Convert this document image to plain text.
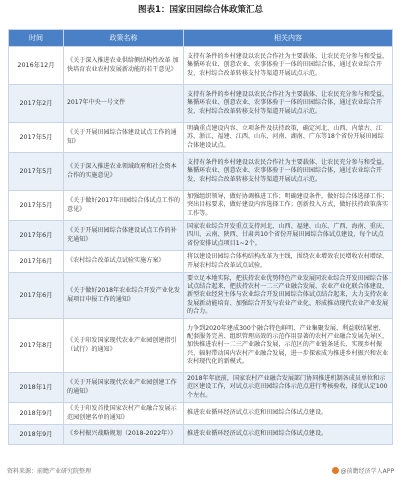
图表1：国家田园综合体政策汇总
时间	政策名称	相关内容
2016年12月	《关于深入推进农业供给侧结构性改革 加快培育农业农村发展新动能的若干意见》	支持有条件的乡村建设以农民合作社为主要载体、让农民充分参与和受益，集循环农业、创意农业、农事体验于一体的田园综合体，通过农业综合开发、农村综合改革转移支付等渠道开展试点示范。
2017年2月	2017年中央一号文件	支持有条件的乡村建设以农民合作社为主要载体、让农民充分参与和受益，集循环农业、创意农业、农事体验于一体的田园综合体，通过农业综合开发、农村综合改革转移支付等渠道开展试点示范。
2017年5月	《关于开展田园综合体建设试点工作的通知》	明确重点建设内容、立项条件及扶持政策，确定河北、山西、内蒙古、江苏、浙江、福建、江西、山东、河南、湖南、广东等18个省份开展田园综合体建设试点。
2017年5月	《关于深入推进农业领域政府和社会资本合作的实施意见》	支持有条件的乡村建设以农民合作社为主要载体、让农民充分参与和受益，集循环农业、创意农业、农事体验于一体的田园综合体，通过农业综合开发、农村综合改革转移支付等渠道开展试点示范。
2017年5月	《关于做好2017年田园综合体试点工作的意见》	加强组织领导，做好协调推进工作；明确建设条件，做好综合体选择工作；突出目标要求，做好建设内容选择工作；创新投入方式，做好扶持政策落实工作等。
2017年6月	《关于开展田园综合体建设试点工作的补充通知》	国家农业综合开发重点支持河北、山西、福建、山东、广西、海南、重庆、四川、云南、陕西、甘肃共10个省份开展田园综合体试点建设，每个试点省份安排试点项目1~2个。
2017年6月	《农村综合改革试点试验实施方案》	将以建设田园综合体构结构改革为主线，围绕农业增效农民增收农村增绿，开展农村综合改革试点试验。
2017年6月	《关于做好2018年农业综合开发产业化发展项目申报工作的通知》	要立足本地实际，把扶持农业优势特色产业发展同农业综合开发田园综合体试点结合起来，把扶持农村一二三产业融合发展、农业产业化联合体建设、新型农业经营主体与农业综合开发田园综合体试点结合起来，大力支持农业发展新动能培育、加强综合开发与农业产业化、形成推动现代农业产业发展的合力。
2017年8月	《关于印发国家现代农业产业园创建指引（试行）的通知》	力争到2020年建成300个融合特色鲜明、产业集聚发展、利益联结紧密、配套服务完善、组织管理高效的示范作用显著的农村产业融合发展先导区，加快推进农村一二三产业融合发展，示范区的产业链条延长、实现乡村振兴，辐射带动国内农村产业融合发展，进一步探索成为推进乡村振兴和农业农村现代化的新模式。
2018年1月	《关于开展国家现代农业产业园创建工作的通知》	2018年年底前，国家农村产业融合发展部门协同推进机制各成员单位和示范区建设工作，对试点示范田园综合体示范点进行考核验收，择优认定100个左右。
2018年9月	《关于印发首批国家农村产业融合发展示范园创建名单的通知》	推进农业循环经济试点示范和田园综合体试点建设。
2018年9月	《乡村振兴战略规划（2018-2022年）》	推进农业循环经济试点示范和田园综合体试点建设。
资料来源：前瞻产业研究院整理	@前瞻经济学人APP
